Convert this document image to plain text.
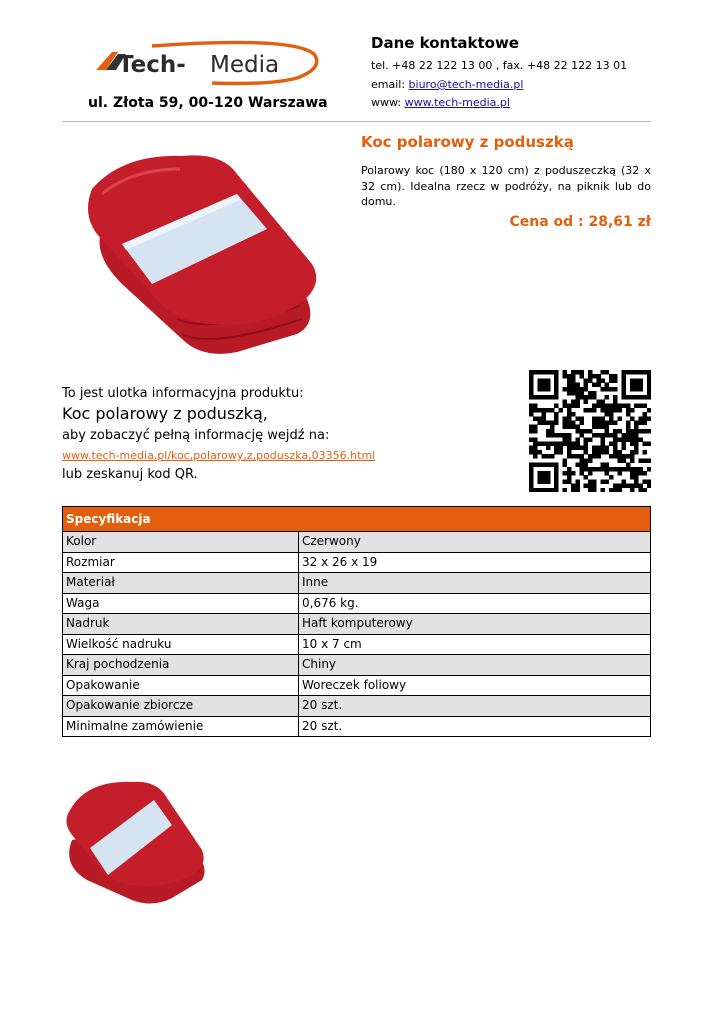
Tech- Media
ul. Złota 59, 00-120 Warszawa
Dane kontaktowe
tel. +48 22 122 13 00 , fax. +48 22 122 13 01
email: biuro@tech-media.pl
www: www.tech-media.pl
Koc polarowy z poduszką
Polarowy koc (180 x 120 cm) z poduszeczką (32 x 32 cm). Idealna rzecz w podróży, na piknik lub do domu.
Cena od : 28,61 zł
To jest ulotka informacyjna produktu:
Koc polarowy z poduszką,
aby zobaczyć pełną informację wejdź na:
www.tech-media.pl/koc,polarowy,z,poduszka,03356.html
lub zeskanuj kod QR.
Specyfikacja	
Kolor	Czerwony
Rozmiar	32 x 26 x 19
Materiał	Inne
Waga	0,676 kg.
Nadruk	Haft komputerowy
Wielkość nadruku	10 x 7 cm
Kraj pochodzenia	Chiny
Opakowanie	Woreczek foliowy
Opakowanie zbiorcze	20 szt.
Minimalne zamówienie	20 szt.
